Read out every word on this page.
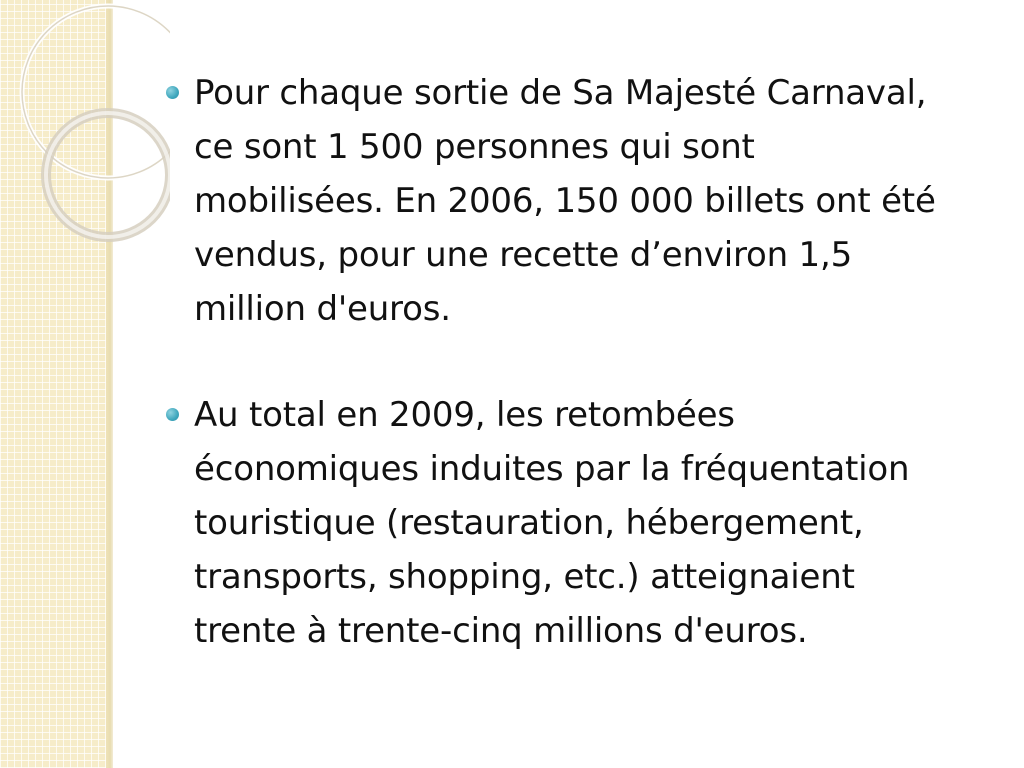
Pour chaque sortie de Sa Majesté Carnaval,
ce sont 1 500 personnes qui sont
mobilisées. En 2006, 150 000 billets ont été
vendus, pour une recette d’environ 1,5
million d'euros.
Au total en 2009, les retombées
économiques induites par la fréquentation
touristique (restauration, hébergement,
transports, shopping, etc.) atteignaient
trente à trente-cinq millions d'euros.
